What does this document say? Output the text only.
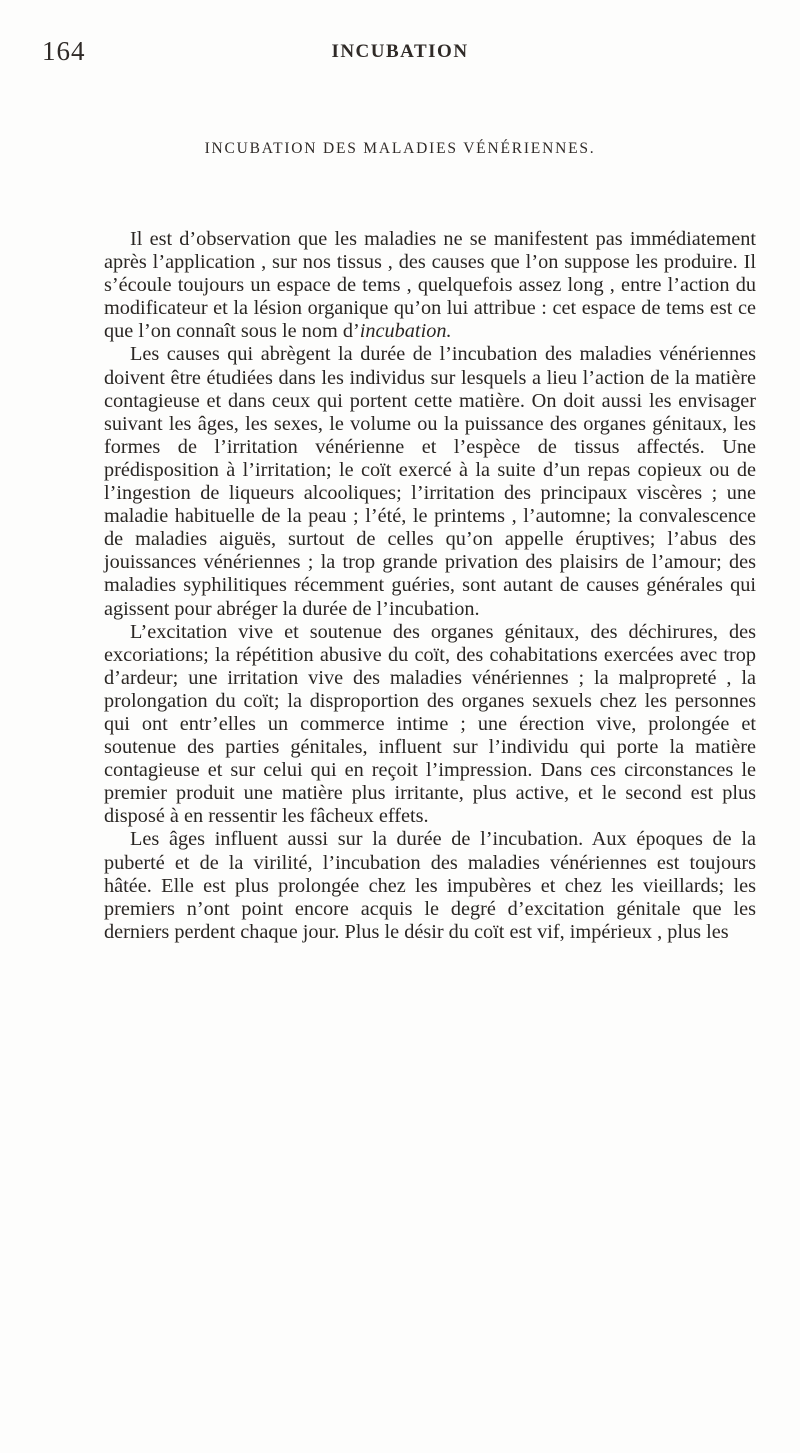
164	INCUBATION
INCUBATION DES MALADIES VÉNÉRIENNES.

Il est d’observation que les maladies ne se manifestent pas immédiatement après l’application , sur nos tissus , des causes que l’on suppose les produire. Il s’écoule toujours un espace de tems , quelquefois assez long , entre l’action du modificateur et la lésion organique qu’on lui attribue : cet espace de tems est ce que l’on connaît sous le nom d’incubation.

Les causes qui abrègent la durée de l’incubation des maladies vénériennes doivent être étudiées dans les individus sur lesquels a lieu l’action de la matière contagieuse et dans ceux qui portent cette matière. On doit aussi les envisager suivant les âges, les sexes, le volume ou la puissance des organes génitaux, les formes de l’irritation vénérienne et l’espèce de tissus affectés. Une prédisposition à l’irritation; le coït exercé à la suite d’un repas copieux ou de l’ingestion de liqueurs alcooliques; l’irritation des principaux viscères ; une maladie habituelle de la peau ; l’été, le printems , l’automne; la convalescence de maladies aiguës, surtout de celles qu’on appelle éruptives; l’abus des jouissances vénériennes ; la trop grande privation des plaisirs de l’amour; des maladies syphilitiques récemment guéries, sont autant de causes générales qui agissent pour abréger la durée de l’incubation.

L’excitation vive et soutenue des organes génitaux, des déchirures, des excoriations; la répétition abusive du coït, des cohabitations exercées avec trop d’ardeur; une irritation vive des maladies vénériennes ; la malpropreté , la prolongation du coït; la disproportion des organes sexuels chez les personnes qui ont entr’elles un commerce intime ; une érection vive, prolongée et soutenue des parties génitales, influent sur l’individu qui porte la matière contagieuse et sur celui qui en reçoit l’impression. Dans ces circonstances le premier produit une matière plus irritante, plus active, et le second est plus disposé à en ressentir les fâcheux effets.

Les âges influent aussi sur la durée de l’incubation. Aux époques de la puberté et de la virilité, l’incubation des maladies vénériennes est toujours hâtée. Elle est plus prolongée chez les impubères et chez les vieillards; les premiers n’ont point encore acquis le degré d’excitation génitale que les derniers perdent chaque jour. Plus le désir du coït est vif, impérieux , plus les
